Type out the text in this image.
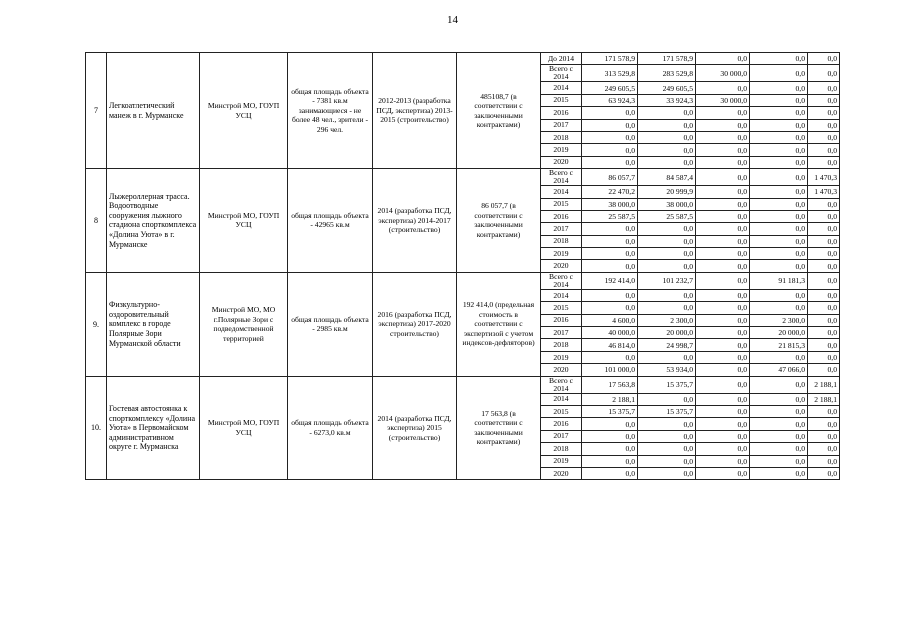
14
7	Легкоатлетический манеж в г. Мурманске	Минстрой МО, ГОУП УСЦ	общая площадь объекта - 7381 кв.м занимающиеся - не более 48 чел., зрители - 296 чел.	2012-2013 (разработка ПСД, экспертиза) 2013-2015 (строительство)	485108,7 (в соответствии с заключенными контрактами)	До 2014	171 578,9	171 578,9	0,0	0,0	0,0	
						Всего с 2014	313 529,8	283 529,8	30 000,0	0,0	0,0	
						2014	249 605,5	249 605,5	0,0	0,0	0,0	
						2015	63 924,3	33 924,3	30 000,0	0,0	0,0	
						2016	0,0	0,0	0,0	0,0	0,0	
						2017	0,0	0,0	0,0	0,0	0,0	
						2018	0,0	0,0	0,0	0,0	0,0	
						2019	0,0	0,0	0,0	0,0	0,0	
						2020	0,0	0,0	0,0	0,0	0,0	
8	Лыжероллерная трасса. Водоотводные сооружения лыжного стадиона спорткомплекса «Долина Уюта» в г. Мурманске	Минстрой МО, ГОУП УСЦ	общая площадь объекта - 42965 кв.м	2014 (разработка ПСД, экспертиза) 2014-2017 (строительство)	86 057,7 (в соответствии с заключенными контрактами)	Всего с 2014	86 057,7	84 587,4	0,0	0,0	1 470,3	
						2014	22 470,2	20 999,9	0,0	0,0	1 470,3	
						2015	38 000,0	38 000,0	0,0	0,0	0,0	
						2016	25 587,5	25 587,5	0,0	0,0	0,0	
						2017	0,0	0,0	0,0	0,0	0,0	
						2018	0,0	0,0	0,0	0,0	0,0	
						2019	0,0	0,0	0,0	0,0	0,0	
						2020	0,0	0,0	0,0	0,0	0,0	
9.	Физкультурно-оздоровительный комплекс в городе Полярные Зори Мурманской области	Минстрой МО, МО г.Полярные Зори с подведомственной территорией	общая площадь объекта - 2985 кв.м	2016 (разработка ПСД, экспертиза) 2017-2020 строительство)	192 414,0 (предельная стоимость в соответствии с экспертизой с учетом индексов-дефляторов)	Всего с 2014	192 414,0	101 232,7	0,0	91 181,3	0,0	
						2014	0,0	0,0	0,0	0,0	0,0	
						2015	0,0	0,0	0,0	0,0	0,0	
						2016	4 600,0	2 300,0	0,0	2 300,0	0,0	
						2017	40 000,0	20 000,0	0,0	20 000,0	0,0	
						2018	46 814,0	24 998,7	0,0	21 815,3	0,0	
						2019	0,0	0,0	0,0	0,0	0,0	
						2020	101 000,0	53 934,0	0,0	47 066,0	0,0	
10.	Гостевая автостоянка к спорткомплексу «Долина Уюта» в Первомайском административном округе г. Мурманска	Минстрой МО, ГОУП УСЦ	общая площадь объекта - 6273,0 кв.м	2014 (разработка ПСД, экспертиза) 2015 (строительство)	17 563,8 (в соответствии с заключенными контрактами)	Всего с 2014	17 563,8	15 375,7	0,0	0,0	2 188,1	
						2014	2 188,1	0,0	0,0	0,0	2 188,1	
						2015	15 375,7	15 375,7	0,0	0,0	0,0	
						2016	0,0	0,0	0,0	0,0	0,0	
						2017	0,0	0,0	0,0	0,0	0,0	
						2018	0,0	0,0	0,0	0,0	0,0	
						2019	0,0	0,0	0,0	0,0	0,0	
						2020	0,0	0,0	0,0	0,0	0,0	
